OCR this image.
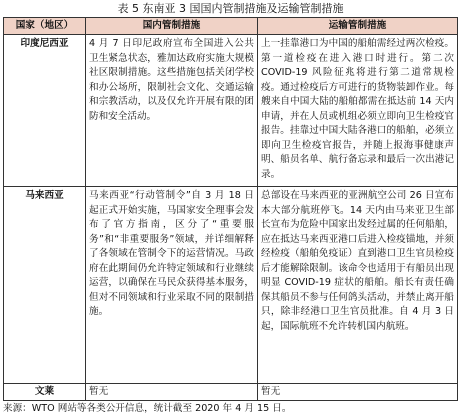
表 5 东南亚 3 国国内管制措施及运输管制措施
国家（地区）	国内管制措施	运输管制措施
印度尼西亚	4 月 7 日印尼政府宣布全国进入公共卫生紧急状态，雅加达政府实施大规模社区限制措施。这些措施包括关闭学校和办公场所，限制社会文化、交通运输和宗教活动，以及仅允许开展有限的团防和安全活动。	上一挂靠港口为中国的船舶需经过两次检疫。第一道检疫在进入港口时进行。第二次 COVID-19 风险征兆将进行第二道常规检疫。通过检疫后方可进行的货物装卸作业。每艘来自中国大陆的船舶都需在抵达前 14 天内申请，并在人员或机组必须立即向卫生检疫官报告。挂靠过中国大陆各港口的船舶，必须立即向卫生检疫官报告，并随上报海事健康声明、船员名单、航行备忘录和最后一次出港记录。
马来西亚	马来西亚“行动管制令”自 3 月 18 日起正式开始实施，马国家安全理事会发布了官方指南，区分了“重要服务”和“非重要服务”领域，并详细解释了各领域在管制令下的运营情况。马政府在此期间仍允许特定领域和行业继续运营，以确保在马民众获得基本服务，但对不同领域和行业采取不同的限制措施。	总部设在马来西亚的亚洲航空公司 26 日宣布本大部分航班停飞。14 天内由马来亚卫生部长宣布为危险中国家出发经过属的任何船舶，应在抵达马来西亚港口后进入检疫锚地，并须经检疫（船舶免疫证）直到港口卫生官员检疫后才能解除限制。该命令也适用于有船员出现明显 COVID-19 症状的船舶。船长有责任确保其船员不参与任何鸽头活动，并禁止离开船只，除非经港口卫生官员批准。自 4 月 3 日起，国际航班不允许转机国内航班。
文莱	暂无	暂无
来源：WTO 网站等各类公开信息，统计截至 2020 年 4 月 15 日。
